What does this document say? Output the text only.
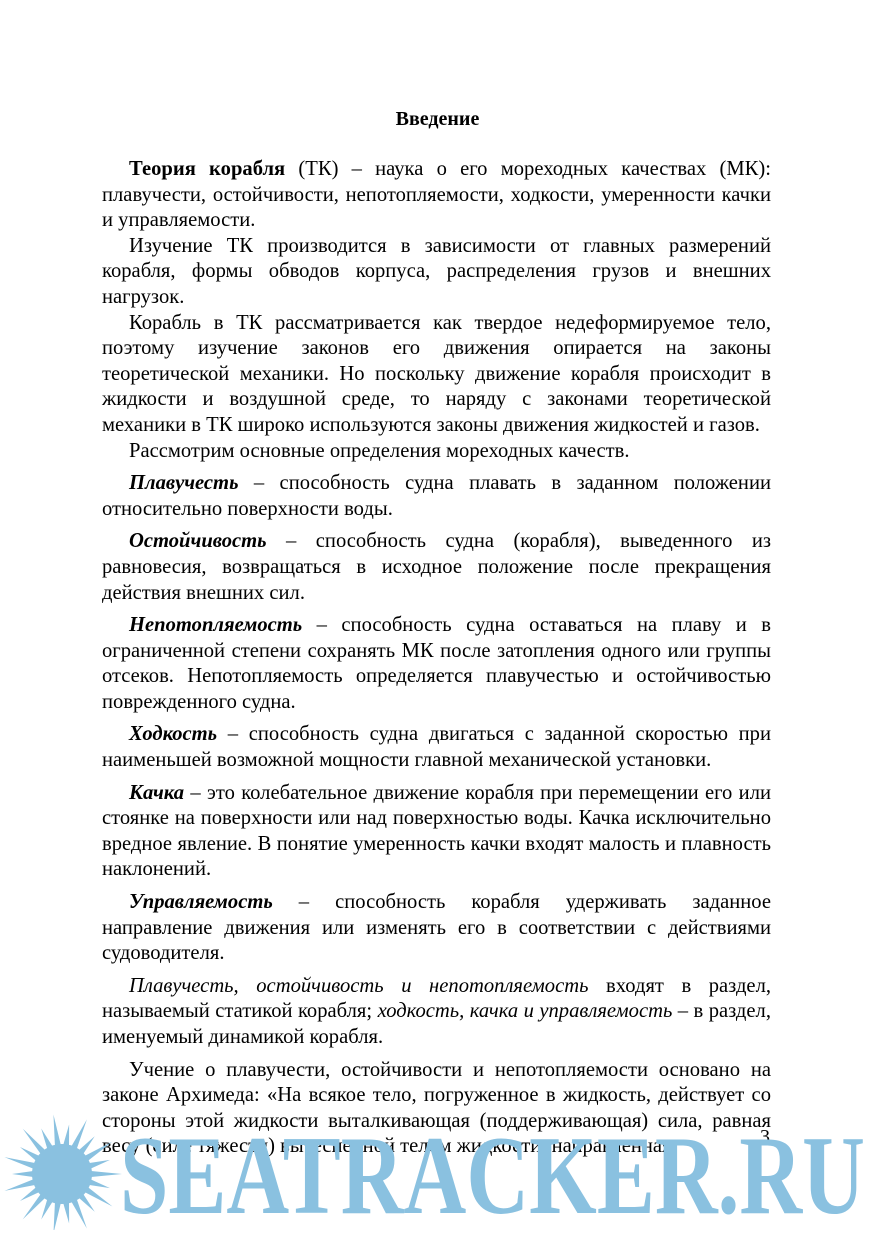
Введение

Теория корабля (ТК) – наука о его мореходных качествах (МК): плавучести, остойчивости, непотопляемости, ходкости, умеренности качки и управляемости.

Изучение ТК производится в зависимости от главных размерений корабля, формы обводов корпуса, распределения грузов и внешних нагрузок.

Корабль в ТК рассматривается как твердое недеформируемое тело, поэтому изучение законов его движения опирается на законы теоретической механики. Но поскольку движение корабля происходит в жидкости и воздушной среде, то наряду с законами теоретической механики в ТК широко используются законы движения жидкостей и газов.

Рассмотрим основные определения мореходных качеств.

Плавучесть – способность судна плавать в заданном положении относительно поверхности воды.

Остойчивость – способность судна (корабля), выведенного из равновесия, возвращаться в исходное положение после прекращения действия внешних сил.

Непотопляемость – способность судна оставаться на плаву и в ограниченной степени сохранять МК после затопления одного или группы отсеков. Непотопляемость определяется плавучестью и остойчивостью поврежденного судна.

Ходкость – способность судна двигаться с заданной скоростью при наименьшей возможной мощности главной механической установки.

Качка – это колебательное движение корабля при перемещении его или стоянке на поверхности или над поверхностью воды. Качка исключительно вредное явление. В понятие умеренность качки входят малость и плавность наклонений.

Управляемость – способность корабля удерживать заданное направление движения или изменять его в соответствии с действиями судоводителя.

Плавучесть, остойчивость и непотопляемость входят в раздел, называемый статикой корабля; ходкость, качка и управляемость – в раздел, именуемый динамикой корабля.

Учение о плавучести, остойчивости и непотопляемости основано на законе Архимеда: «На всякое тело, погруженное в жидкость, действует со стороны этой жидкости выталкивающая (поддерживающая) сила, равная весу (силе тяжести) вытесненной телом жидкости, направленная	3
SEATRACKER.RU
